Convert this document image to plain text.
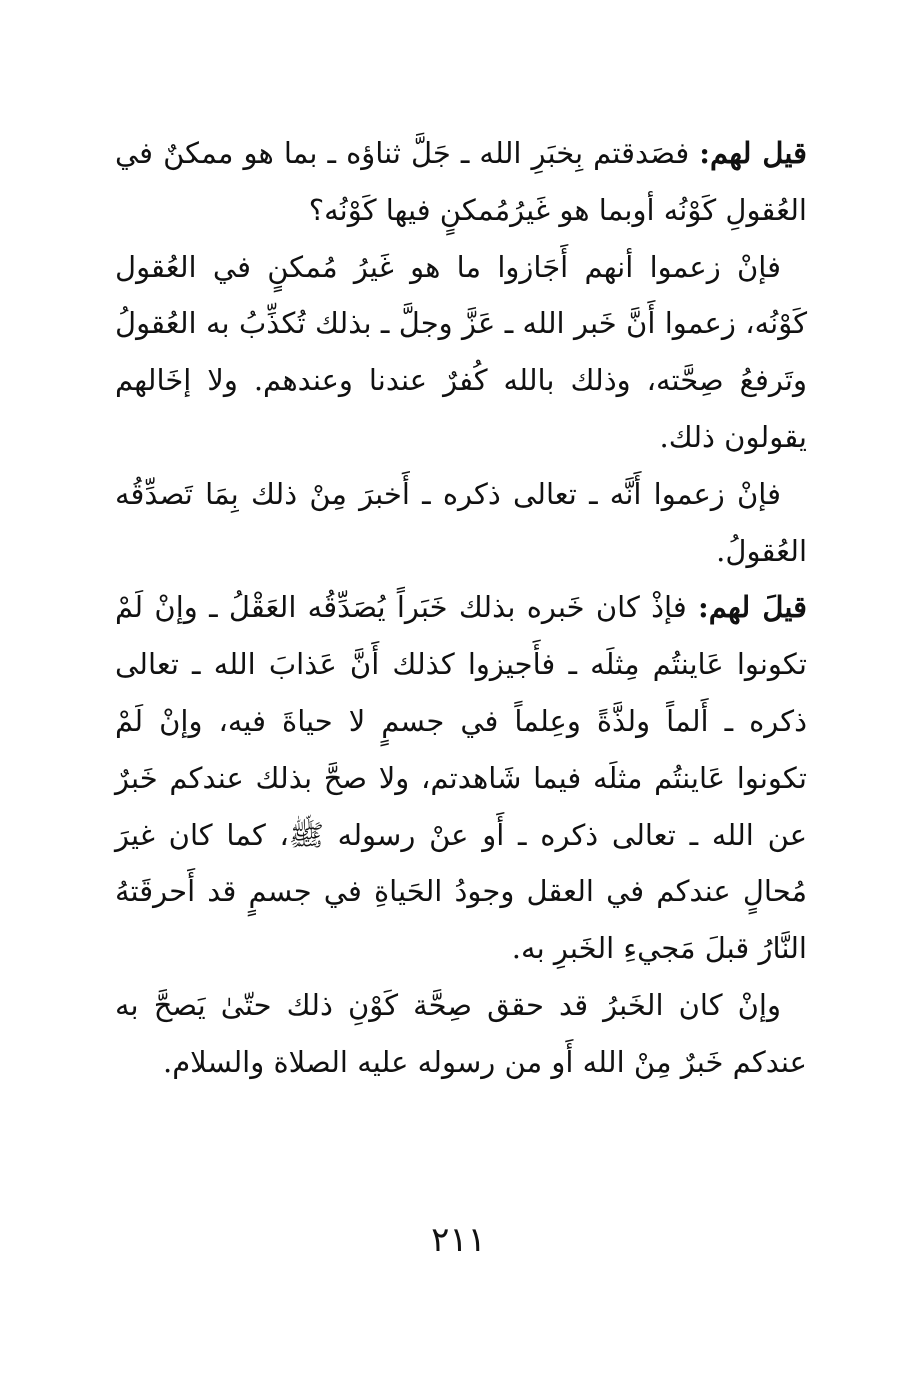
قيل لهم: فصَدقتم بِخبَرِ الله ـ جَلَّ ثناؤه ـ بما هو ممكنٌ في العُقولِ كَوْنُه أوبما هو غَيرُمُمكنٍ فيها كَوْنُه؟

فإنْ زعموا أنهم أَجَازوا ما هو غَيرُ مُمكنٍ في العُقول كَوْنُه، زعموا أَنَّ خَبر الله ـ عَزَّ وجلَّ ـ بذلك تُكذِّبُ به العُقولُ وتَرفعُ صِحَّته، وذلك بالله كُفرٌ عندنا وعندهم. ولا إخَالهم يقولون ذلك.

فإنْ زعموا أَنَّه ـ تعالى ذكره ـ أَخبرَ مِنْ ذلك بِمَا تَصدِّقُه العُقولُ.

قيلَ لهم: فإذْ كان خَبره بذلك خَبَراً يُصَدِّقُه العَقْلُ ـ وإنْ لَمْ تكونوا عَاينتُم مِثلَه ـ فأَجيزوا كذلك أَنَّ عَذابَ الله ـ تعالى ذكره ـ أَلماً ولذَّةً وعِلماً في جسمٍ لا حياةَ فيه، وإنْ لَمْ تكونوا عَاينتُم مثلَه فيما شَاهدتم، ولا صحَّ بذلك عندكم خَبرٌ عن الله ـ تعالى ذكره ـ أَو عنْ رسوله ﷺ، كما كان غيرَ مُحالٍ عندكم في العقل وجودُ الحَياةِ في جسمٍ قد أَحرقَتهُ النَّارُ قبلَ مَجيءِ الخَبرِ به.

وإنْ كان الخَبرُ قد حقق صِحَّة كَوْنِ ذلك حتّىٰ يَصحَّ به عندكم خَبرٌ مِنْ الله أَو من رسوله عليه الصلاة والسلام.

٢١١
